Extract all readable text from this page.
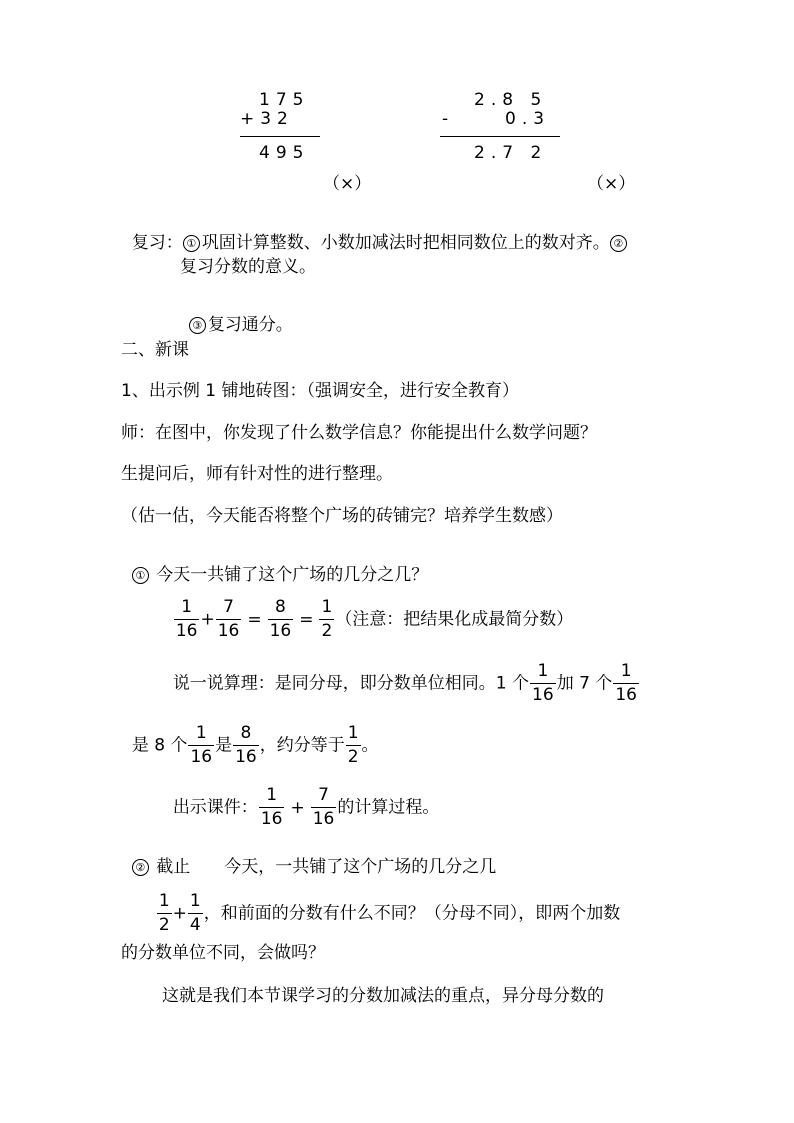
175
+32
495
（×）
2.8 5
-	0.3
2.7 2
（×）

复习： ① 巩固计算整数、小数加减法时把相同数位上的数对齐。 ②

复习分数的意义。

③ 复习通分。

二、新课
1、出示例 1 铺地砖图：（强调安全，进行安全教育）
师：在图中，你发现了什么数学信息？你能提出什么数学问题？
生提问后，师有针对性的进行整理。
（估一估，今天能否将整个广场的砖铺完？培养学生数感）

① 今天一共铺了这个广场的几分之几？

$\frac{1}{16} + \frac{7}{16} = \frac{8}{16} = \frac{1}{2}$ （注意：把结果化成最简分数）

说一说算理：是同分母，即分数单位相同。1 个 $\frac{1}{16}$ 加 7 个 $\frac{1}{16}$

是 8 个 $\frac{1}{16}$ 是 $\frac{8}{16}$ ，约分等于 $\frac{1}{2}$ 。

出示课件： $\frac{1}{16} + \frac{7}{16}$ 的计算过程。

② 截止　　今天，一共铺了这个广场的几分之几

$\frac{1}{2} + \frac{1}{4}$ ，和前面的分数有什么不同？（分母不同），即两个加数

的分数单位不同，会做吗？
这就是我们本节课学习的分数加减法的重点，异分母分数的
